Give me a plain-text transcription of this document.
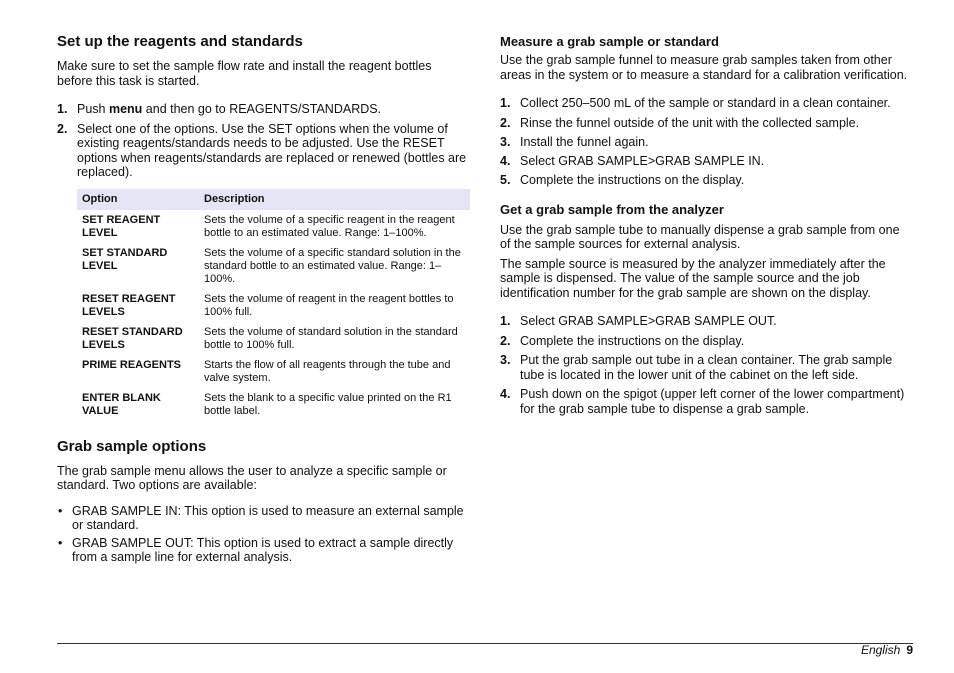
Set up the reagents and standards

Make sure to set the sample flow rate and install the reagent bottles before this task is started.

1. Push menu and then go to REAGENTS/STANDARDS.
2. Select one of the options. Use the SET options when the volume of existing reagents/standards needs to be adjusted. Use the RESET options when reagents/standards are replaced or renewed (bottles are replaced).
Option	Description
SET REAGENT LEVEL	Sets the volume of a specific reagent in the reagent bottle to an estimated value. Range: 1–100%.
SET STANDARD LEVEL	Sets the volume of a specific standard solution in the standard bottle to an estimated value. Range: 1–100%.
RESET REAGENT LEVELS	Sets the volume of reagent in the reagent bottles to 100% full.
RESET STANDARD LEVELS	Sets the volume of standard solution in the standard bottle to 100% full.
PRIME REAGENTS	Starts the flow of all reagents through the tube and valve system.
ENTER BLANK VALUE	Sets the blank to a specific value printed on the R1 bottle label.
Grab sample options

The grab sample menu allows the user to analyze a specific sample or standard. Two options are available:

• GRAB SAMPLE IN: This option is used to measure an external sample or standard.
• GRAB SAMPLE OUT: This option is used to extract a sample directly from a sample line for external analysis.
Measure a grab sample or standard

Use the grab sample funnel to measure grab samples taken from other areas in the system or to measure a standard for a calibration verification.

1. Collect 250–500 mL of the sample or standard in a clean container.
2. Rinse the funnel outside of the unit with the collected sample.
3. Install the funnel again.
4. Select GRAB SAMPLE>GRAB SAMPLE IN.
5. Complete the instructions on the display.
Get a grab sample from the analyzer

Use the grab sample tube to manually dispense a grab sample from one of the sample sources for external analysis.

The sample source is measured by the analyzer immediately after the sample is dispensed. The value of the sample source and the job identification number for the grab sample are shown on the display.

1. Select GRAB SAMPLE>GRAB SAMPLE OUT.
2. Complete the instructions on the display.
3. Put the grab sample out tube in a clean container. The grab sample tube is located in the lower unit of the cabinet on the left side.
4. Push down on the spigot (upper left corner of the lower compartment) for the grab sample tube to dispense a grab sample.
English 9
